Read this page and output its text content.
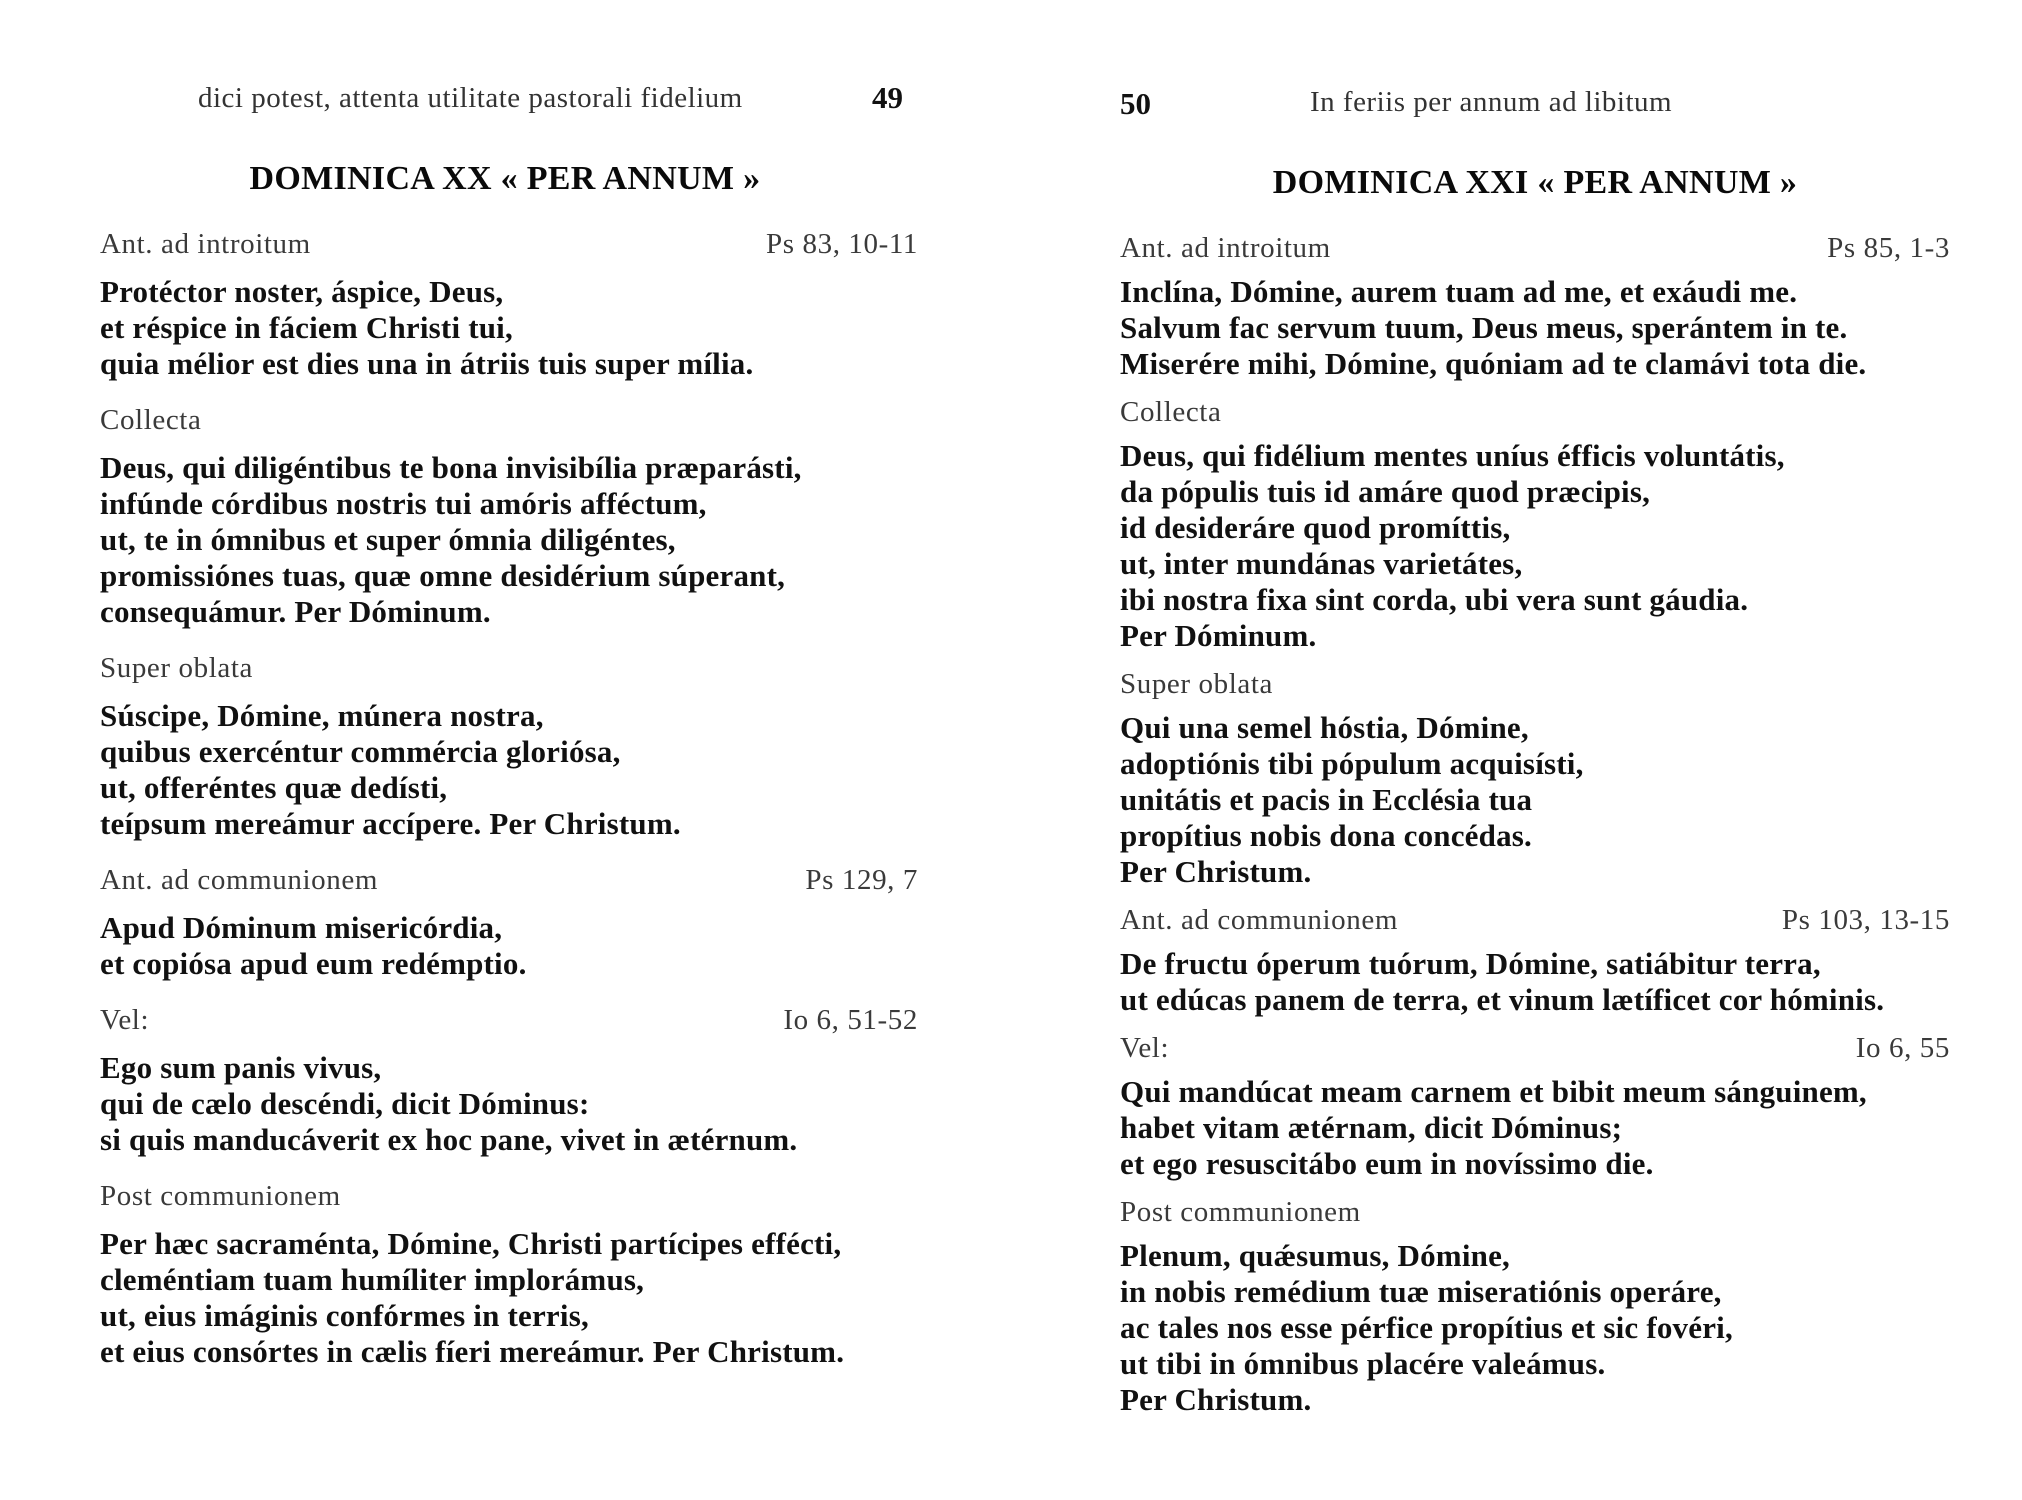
dici potest, attenta utilitate pastorali fidelium	49
DOMINICA XX « PER ANNUM »
Ant. ad introitum	Ps 83, 10-11
Protéctor noster, áspice, Deus,
et réspice in fáciem Christi tui,
quia mélior est dies una in átriis tuis super mília.
Collecta
Deus, qui diligéntibus te bona invisibília præparásti,
infúnde córdibus nostris tui amóris afféctum,
ut, te in ómnibus et super ómnia diligéntes,
promissiónes tuas, quæ omne desidérium súperant,
consequámur. Per Dóminum.
Super oblata
Súscipe, Dómine, múnera nostra,
quibus exercéntur commércia gloriósa,
ut, offeréntes quæ dedísti,
teípsum mereámur accípere. Per Christum.
Ant. ad communionem	Ps 129, 7
Apud Dóminum misericórdia,
et copiósa apud eum redémptio.
Vel:	Io 6, 51-52
Ego sum panis vivus,
qui de cælo descéndi, dicit Dóminus:
si quis manducáverit ex hoc pane, vivet in ætérnum.
Post communionem
Per hæc sacraménta, Dómine, Christi partícipes effécti,
cleméntiam tuam humíliter implorámus,
ut, eius imáginis confórmes in terris,
et eius consórtes in cælis fíeri mereámur. Per Christum.
50	In feriis per annum ad libitum
DOMINICA XXI « PER ANNUM »
Ant. ad introitum	Ps 85, 1-3
Inclína, Dómine, aurem tuam ad me, et exáudi me.
Salvum fac servum tuum, Deus meus, sperántem in te.
Miserére mihi, Dómine, quóniam ad te clamávi tota die.
Collecta
Deus, qui fidélium mentes uníus éfficis voluntátis,
da pópulis tuis id amáre quod præcipis,
id desideráre quod promíttis,
ut, inter mundánas varietátes,
ibi nostra fixa sint corda, ubi vera sunt gáudia.
Per Dóminum.
Super oblata
Qui una semel hóstia, Dómine,
adoptiónis tibi pópulum acquisísti,
unitátis et pacis in Ecclésia tua
propítius nobis dona concédas.
Per Christum.
Ant. ad communionem	Ps 103, 13-15
De fructu óperum tuórum, Dómine, satiábitur terra,
ut edúcas panem de terra, et vinum lætíficet cor hóminis.
Vel:	Io 6, 55
Qui mandúcat meam carnem et bibit meum sánguinem,
habet vitam ætérnam, dicit Dóminus;
et ego resuscitábo eum in novíssimo die.
Post communionem
Plenum, quǽsumus, Dómine,
in nobis remédium tuæ miseratiónis operáre,
ac tales nos esse pérfice propítius et sic fovéri,
ut tibi in ómnibus placére valeámus.
Per Christum.
